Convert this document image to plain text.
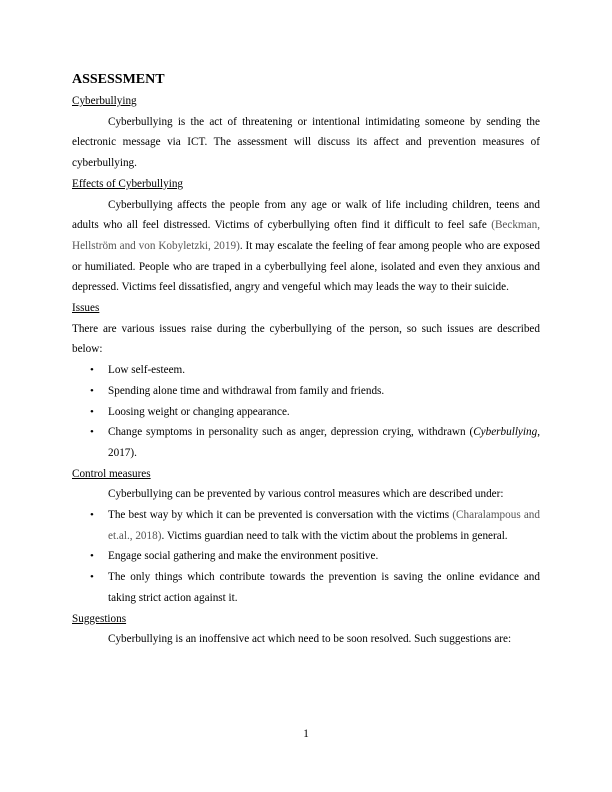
ASSESSMENT
Cyberbullying

Cyberbullying is the act of threatening or intentional intimidating someone by sending the electronic message via ICT. The assessment will discuss its affect and prevention measures of cyberbullying.

Effects of Cyberbullying

Cyberbullying affects the people from any age or walk of life including children, teens and adults who all feel distressed. Victims of cyberbullying often find it difficult to feel safe (Beckman, Hellström and von Kobyletzki, 2019). It may escalate the feeling of fear among people who are exposed or humiliated. People who are traped in a cyberbullying feel alone, isolated and even they anxious and depressed. Victims feel dissatisfied, angry and vengeful which may leads the way to their suicide.

Issues

There are various issues raise during the cyberbullying of the person, so such issues are described below:

• Low self-esteem.
• Spending alone time and withdrawal from family and friends.
• Loosing weight or changing appearance.
• Change symptoms in personality such as anger, depression crying, withdrawn (Cyberbullying, 2017).
Control measures

Cyberbullying can be prevented by various control measures which are described under:

• The best way by which it can be prevented is conversation with the victims (Charalampous and et.al., 2018). Victims guardian need to talk with the victim about the problems in general.
• Engage social gathering and make the environment positive.
• The only things which contribute towards the prevention is saving the online evidance and taking strict action against it.
Suggestions

Cyberbullying is an inoffensive act which need to be soon resolved. Such suggestions are:

1
